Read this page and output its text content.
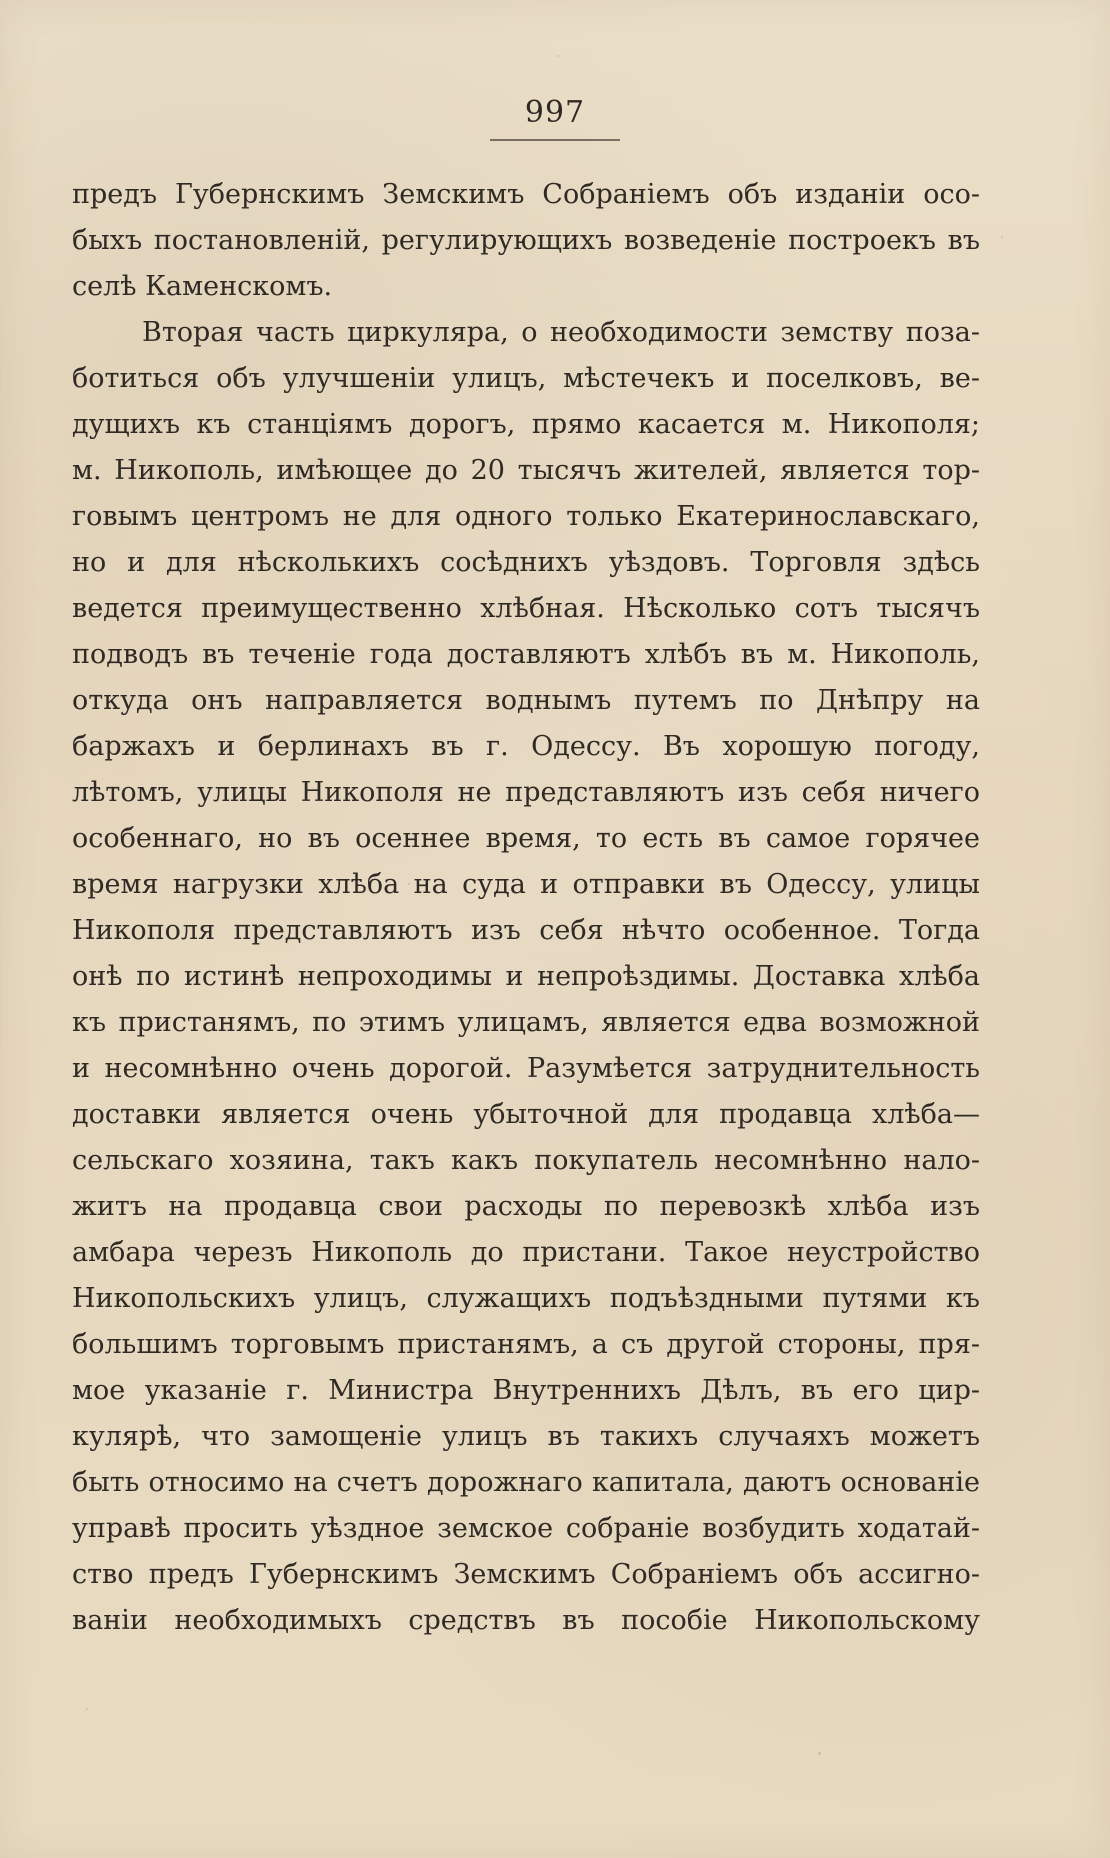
997
предъ Губернскимъ Земскимъ Собраніемъ объ изданіи осо-
быхъ постановленій, регулирующихъ возведеніе построекъ въ
селѣ Каменскомъ.
Вторая часть циркуляра, о необходимости земству поза-
ботиться объ улучшеніи улицъ, мѣстечекъ и поселковъ, ве-
дущихъ къ станціямъ дорогъ, прямо касается м. Никополя;
м. Никополь, имѣющее до 20 тысячъ жителей, является тор-
говымъ центромъ не для одного только Екатеринославскаго,
но и для нѣсколькихъ сосѣднихъ уѣздовъ. Торговля здѣсь
ведется преимущественно хлѣбная. Нѣсколько сотъ тысячъ
подводъ въ теченіе года доставляютъ хлѣбъ въ м. Никополь,
откуда онъ направляется воднымъ путемъ по Днѣпру на
баржахъ и берлинахъ въ г. Одессу. Въ хорошую погоду,
лѣтомъ, улицы Никополя не представляютъ изъ себя ничего
особеннаго, но въ осеннее время, то есть въ самое горячее
время нагрузки хлѣба на суда и отправки въ Одессу, улицы
Никополя представляютъ изъ себя нѣчто особенное. Тогда
онѣ по истинѣ непроходимы и непроѣздимы. Доставка хлѣба
къ пристанямъ, по этимъ улицамъ, является едва возможной
и несомнѣнно очень дорогой. Разумѣется затруднительность
доставки является очень убыточной для продавца хлѣба—
сельскаго хозяина, такъ какъ покупатель несомнѣнно нало-
житъ на продавца свои расходы по перевозкѣ хлѣба изъ
амбара черезъ Никополь до пристани. Такое неустройство
Никопольскихъ улицъ, служащихъ подъѣздными путями къ
большимъ торговымъ пристанямъ, а съ другой стороны, пря-
мое указаніе г. Министра Внутреннихъ Дѣлъ, въ его цир-
кулярѣ, что замощеніе улицъ въ такихъ случаяхъ можетъ
быть относимо на счетъ дорожнаго капитала, даютъ основаніе
управѣ просить уѣздное земское собраніе возбудить ходатай-
ство предъ Губернскимъ Земскимъ Собраніемъ объ ассигно-
ваніи необходимыхъ средствъ въ пособіе Никопольскому
